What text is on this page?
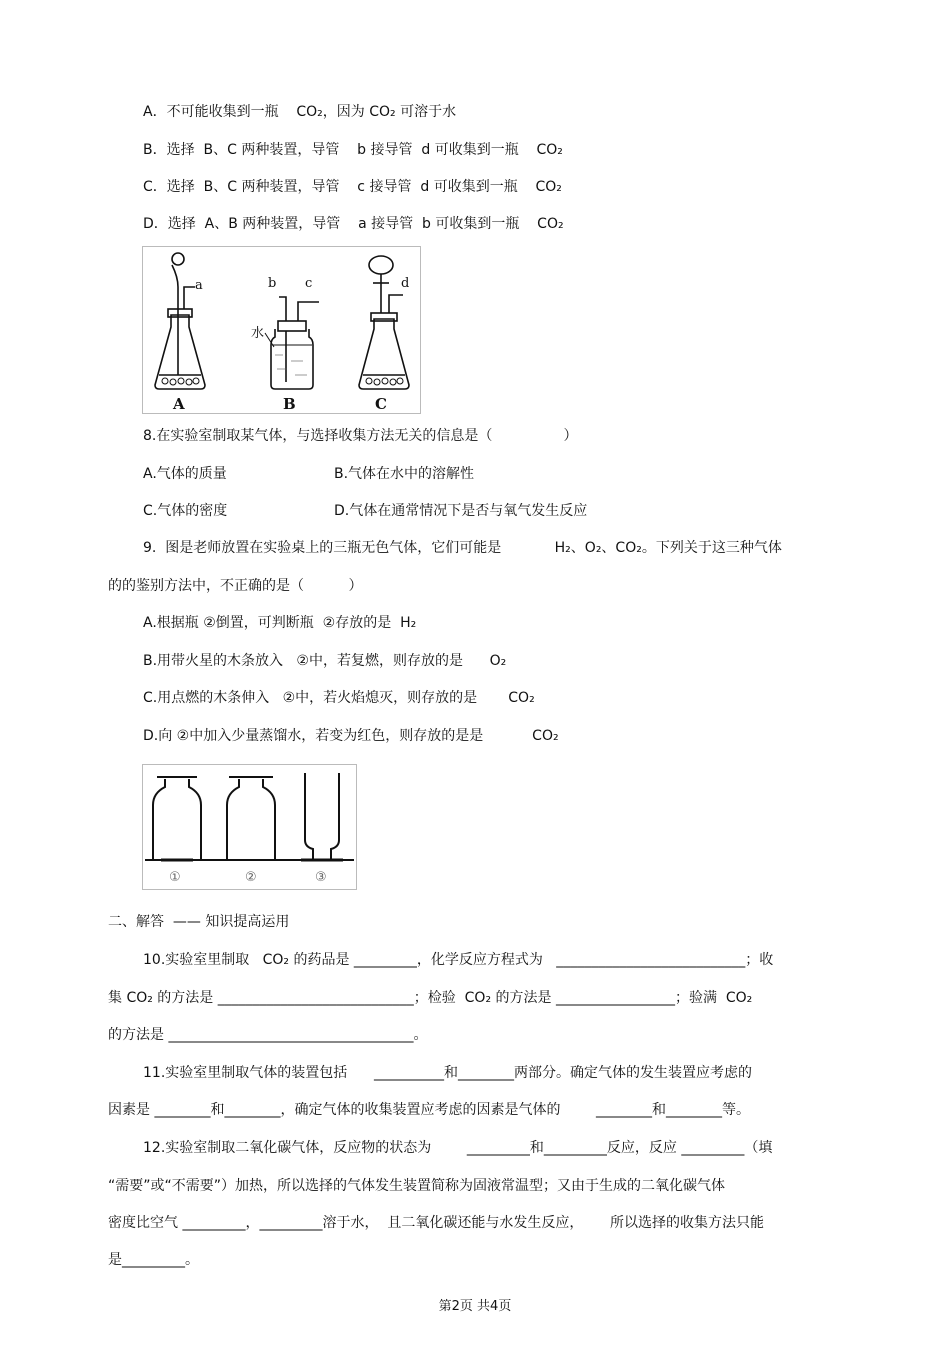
A．不可能收集到一瓶    CO₂，因为 CO₂ 可溶于水
B．选择  B、C 两种装置，导管    b 接导管  d 可收集到一瓶    CO₂
C．选择  B、C 两种装置，导管    c 接导管  d 可收集到一瓶    CO₂
D．选择  A、B 两种装置，导管    a 接导管  b 可收集到一瓶    CO₂
a	b c	d
水
A	B	C
8.在实验室制取某气体，与选择收集方法无关的信息是（                ）
A.气体的质量	B.气体在水中的溶解性
C.气体的密度	D.气体在通常情况下是否与氧气发生反应
9.  图是老师放置在实验桌上的三瓶无色气体，它们可能是            H₂、O₂、CO₂。下列关于这三种气体
的的鉴别方法中，不正确的是（          ）
A.根据瓶 ②倒置，可判断瓶  ②存放的是  H₂
B.用带火星的木条放入   ②中，若复燃，则存放的是      O₂
C.用点燃的木条伸入   ②中，若火焰熄灭，则存放的是       CO₂
D.向 ②中加入少量蒸馏水，若变为红色，则存放的是是           CO₂
①	②	③
二、解答  —— 知识提高运用
10.实验室里制取   CO₂ 的药品是 _________，化学反应方程式为   ___________________________；收
集 CO₂ 的方法是 ____________________________；检验  CO₂ 的方法是 _________________；验满  CO₂
的方法是 ___________________________________。
11.实验室里制取气体的装置包括      __________和________两部分。确定气体的发生装置应考虑的
因素是 ________和________，确定气体的收集装置应考虑的因素是气体的        ________和________等。
12.实验室制取二氧化碳气体，反应物的状态为        _________和_________反应，反应 _________（填
“需要”或“不需要”）加热，所以选择的气体发生装置简称为固液常温型；又由于生成的二氧化碳气体
密度比空气 _________，_________溶于水，  且二氧化碳还能与水发生反应，      所以选择的收集方法只能
是_________。
第2页 共4页
